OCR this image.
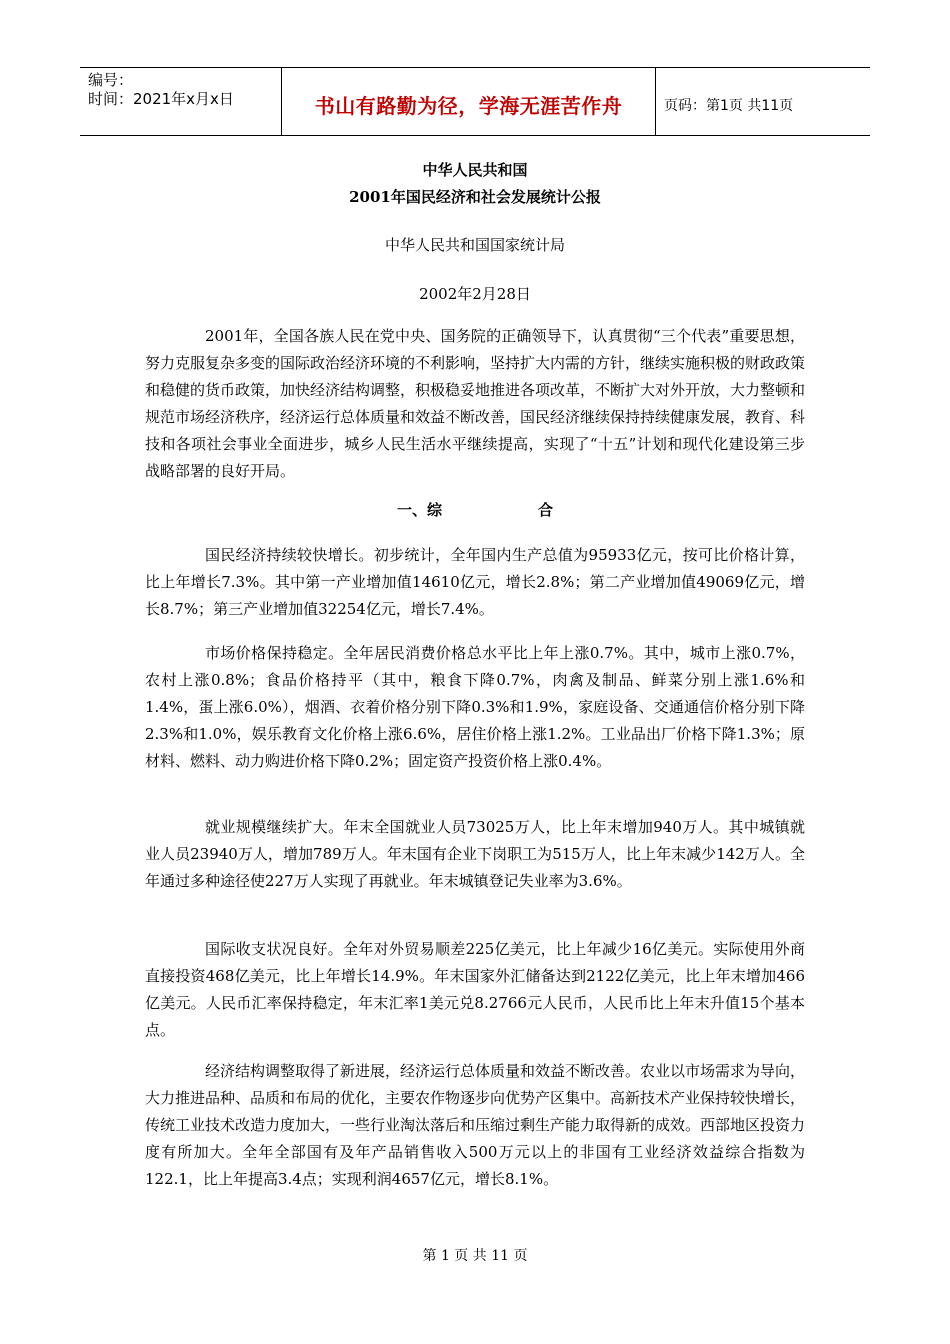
编号：
时间：2021年x月x日	书山有路勤为径，学海无涯苦作舟	页码：第1页 共11页
中华人民共和国
2001年国民经济和社会发展统计公报
中华人民共和国国家统计局
2002年2月28日

2001年，全国各族人民在党中央、国务院的正确领导下，认真贯彻“三个代表”重要思想，努力克服复杂多变的国际政治经济环境的不利影响，坚持扩大内需的方针，继续实施积极的财政政策和稳健的货币政策，加快经济结构调整，积极稳妥地推进各项改革，不断扩大对外开放，大力整顿和规范市场经济秩序，经济运行总体质量和效益不断改善，国民经济继续保持持续健康发展，教育、科技和各项社会事业全面进步，城乡人民生活水平继续提高，实现了“十五”计划和现代化建设第三步战略部署的良好开局。

一、综	合

国民经济持续较快增长。初步统计，全年国内生产总值为95933亿元，按可比价格计算，比上年增长7.3%。其中第一产业增加值14610亿元，增长2.8%；第二产业增加值49069亿元，增长8.7%；第三产业增加值32254亿元，增长7.4%。

市场价格保持稳定。全年居民消费价格总水平比上年上涨0.7%。其中，城市上涨0.7%，农村上涨0.8%；食品价格持平（其中，粮食下降0.7%，肉禽及制品、鲜菜分别上涨1.6%和1.4%，蛋上涨6.0%），烟酒、衣着价格分别下降0.3%和1.9%，家庭设备、交通通信价格分别下降2.3%和1.0%，娱乐教育文化价格上涨6.6%，居住价格上涨1.2%。工业品出厂价格下降1.3%；原材料、燃料、动力购进价格下降0.2%；固定资产投资价格上涨0.4%。

就业规模继续扩大。年末全国就业人员73025万人，比上年末增加940万人。其中城镇就业人员23940万人，增加789万人。年末国有企业下岗职工为515万人，比上年末减少142万人。全年通过多种途径使227万人实现了再就业。年末城镇登记失业率为3.6%。

国际收支状况良好。全年对外贸易顺差225亿美元，比上年减少16亿美元。实际使用外商直接投资468亿美元，比上年增长14.9%。年末国家外汇储备达到2122亿美元，比上年末增加466亿美元。人民币汇率保持稳定，年末汇率1美元兑8.2766元人民币，人民币比上年末升值15个基本点。

经济结构调整取得了新进展，经济运行总体质量和效益不断改善。农业以市场需求为导向，大力推进品种、品质和布局的优化，主要农作物逐步向优势产区集中。高新技术产业保持较快增长，传统工业技术改造力度加大，一些行业淘汰落后和压缩过剩生产能力取得新的成效。西部地区投资力度有所加大。全年全部国有及年产品销售收入500万元以上的非国有工业经济效益综合指数为122.1，比上年提高3.4点；实现利润4657亿元，增长8.1%。

第 1 页 共 11 页
